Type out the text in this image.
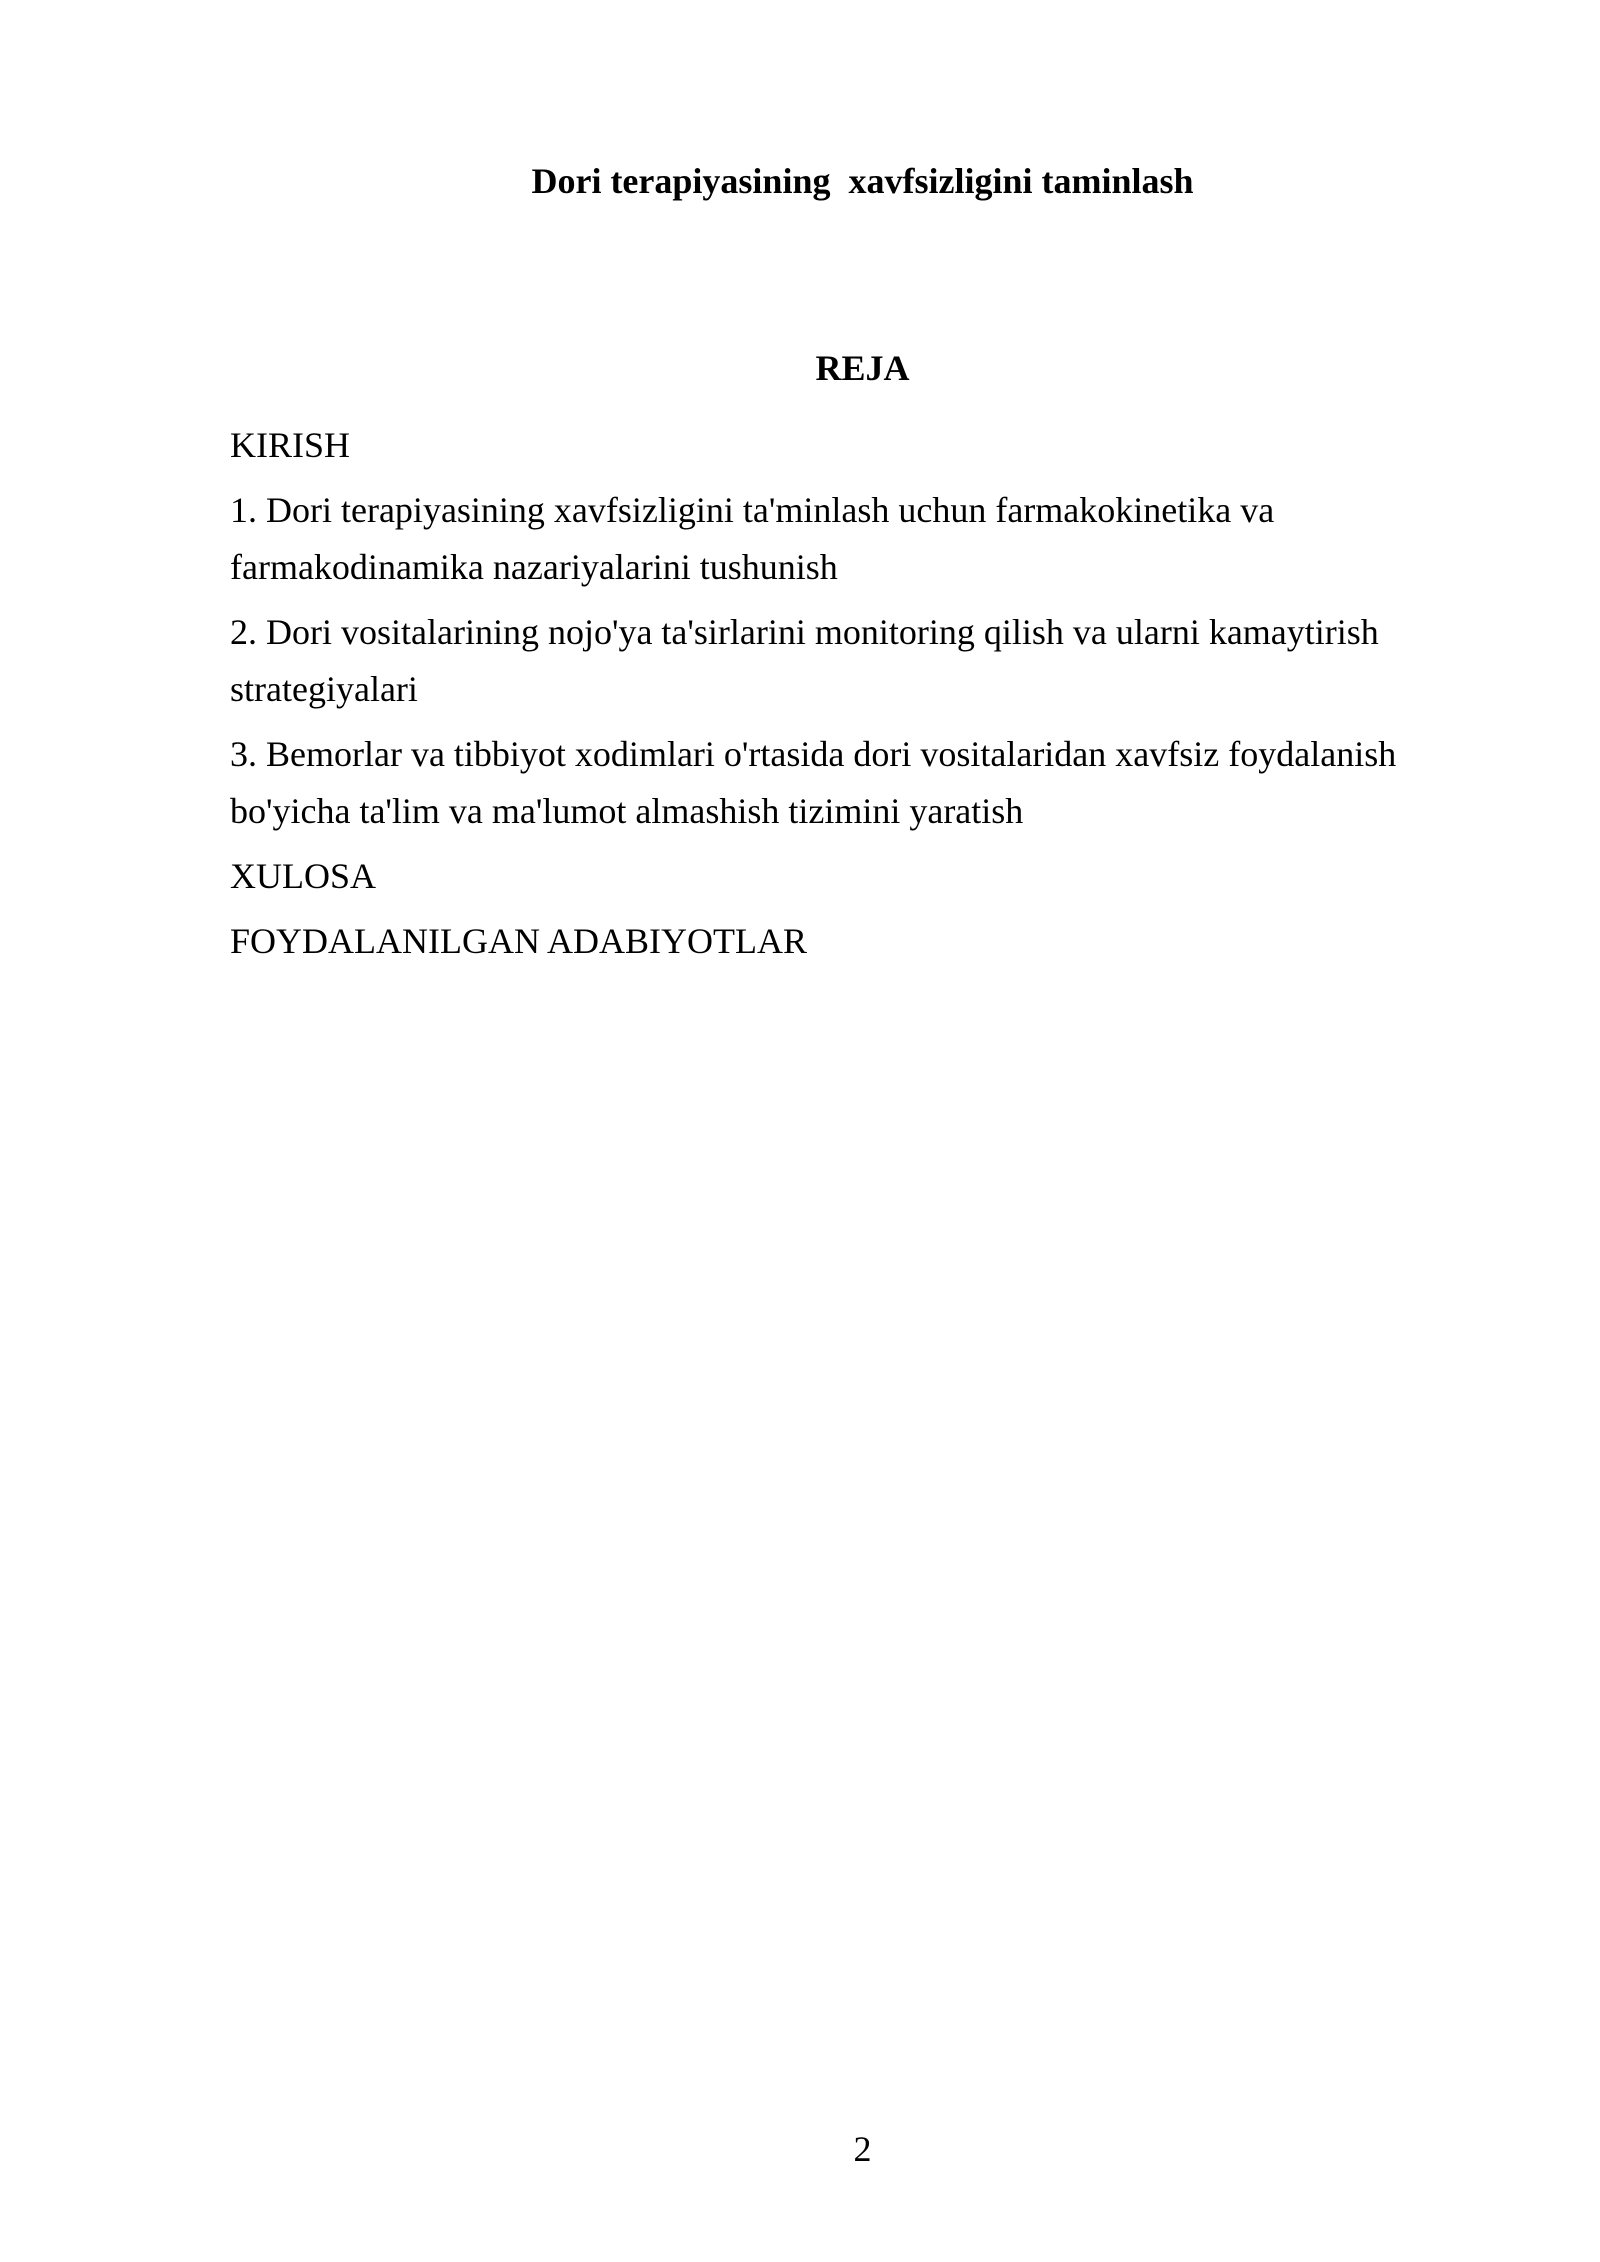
Dori terapiyasining  xavfsizligini taminlash
REJA
KIRISH
1. Dori terapiyasining xavfsizligini ta'minlash uchun farmakokinetika va farmakodinamika nazariyalarini tushunish
2. Dori vositalarining nojo'ya ta'sirlarini monitoring qilish va ularni kamaytirish strategiyalari
3. Bemorlar va tibbiyot xodimlari o'rtasida dori vositalaridan xavfsiz foydalanish bo'yicha ta'lim va ma'lumot almashish tizimini yaratish
XULOSA
FOYDALANILGAN ADABIYOTLAR
2
